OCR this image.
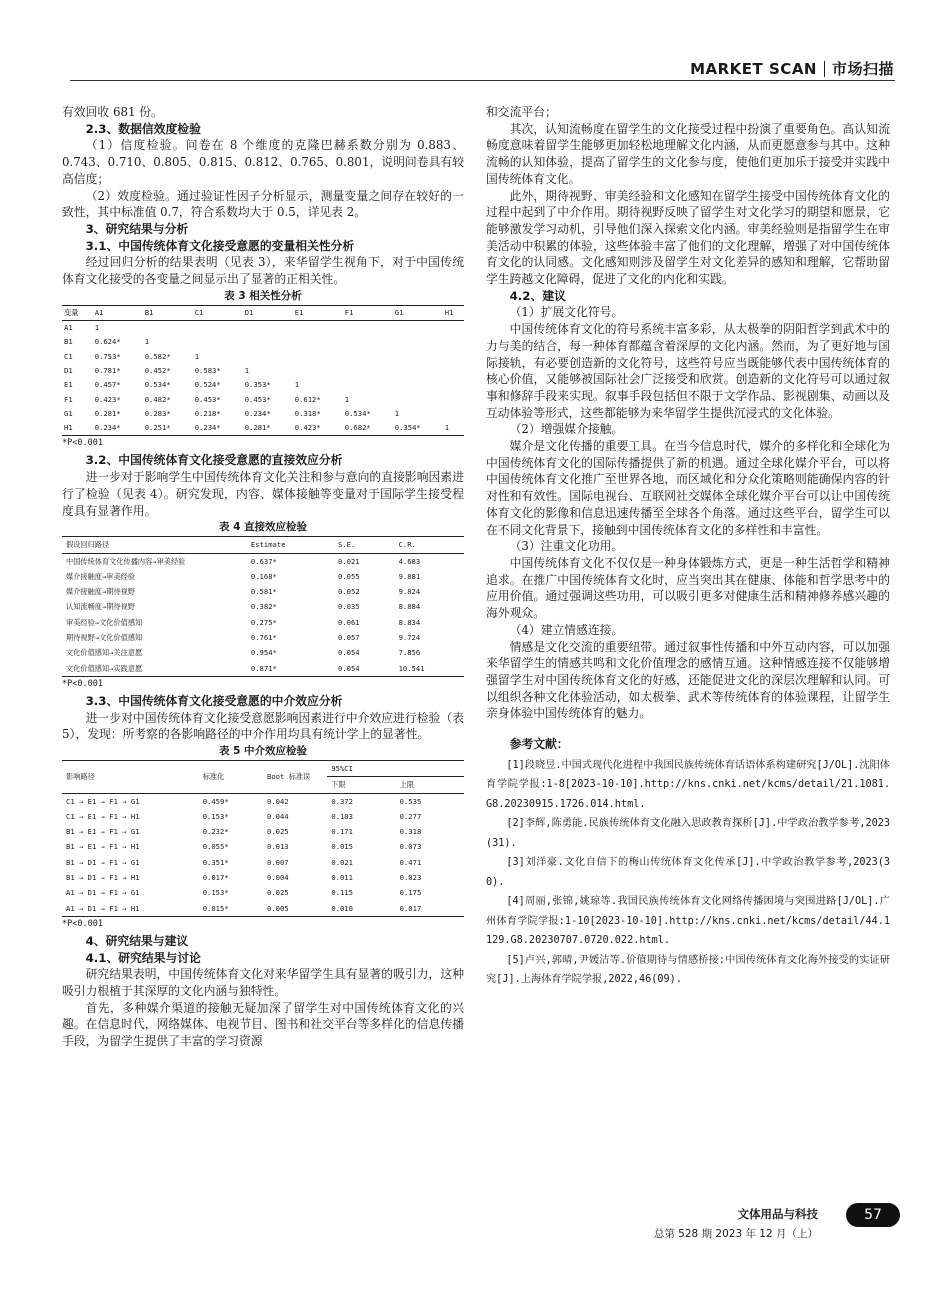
MARKET SCAN 市场扫描

有效回收 681 份。

2.3、数据信效度检验

（1）信度检验。问卷在 8 个维度的克隆巴赫系数分别为 0.883、0.743、0.710、0.805、0.815、0.812、0.765、0.801，说明问卷具有较高信度；

（2）效度检验。通过验证性因子分析显示，测量变量之间存在较好的一致性，其中标准值 0.7，符合系数均大于 0.5，详见表 2。

3、研究结果与分析

3.1、中国传统体育文化接受意愿的变量相关性分析

经过回归分析的结果表明（见表 3），来华留学生视角下，对于中国传统体育文化接受的各变量之间显示出了显著的正相关性。

表 3 相关性分析
变量	A1	B1	C1	D1	E1	F1	G1	H1
A1	1							
B1	0.624*	1						
C1	0.753*	0.582*	1					
D1	0.781*	0.452*	0.583*	1				
E1	0.457*	0.534*	0.524*	0.353*	1			
F1	0.423*	0.482*	0.453*	0.453*	0.612*	1		
G1	0.281*	0.283*	0.218*	0.234*	0.318*	0.534*	1	
H1	0.234*	0.251*	0.234*	0.281*	0.423*	0.682*	0.354*	1
*P<0.001

3.2、中国传统体育文化接受意愿的直接效应分析

进一步对于影响学生中国传统体育文化关注和参与意向的直接影响因素进行了检验（见表 4）。研究发现，内容、媒体接触等变量对于国际学生接受程度具有显著作用。

表 4 直接效应检验
假设回归路径	Estimate	S.E.	C.R.
中国传统体育文化传播内容→审美经验	0.637*	0.021	4.683
媒介接触度→审美经验	0.168*	0.055	9.881
媒介接触度→期待视野	0.581*	0.052	9.824
认知流畅度→期待视野	0.382*	0.035	8.884
审美经验→文化价值感知	0.275*	0.061	8.834
期待视野→文化价值感知	0.761*	0.057	9.724
文化价值感知→关注意愿	0.954*	0.054	7.856
文化价值感知→实践意愿	0.871*	0.054	10.541
*P<0.001

3.3、中国传统体育文化接受意愿的中介效应分析

进一步对中国传统体育文化接受意愿影响因素进行中介效应进行检验（表 5），发现：所考察的各影响路径的中介作用均具有统计学上的显著性。

表 5 中介效应检验
影响路径	标准化	Boot 标准误	95%CI	
			下限	上限
C1 → E1 → F1 → G1	0.459*	0.042	0.372	0.535
C1 → E1 → F1 → H1	0.153*	0.044	0.103	0.277
B1 → E1 → F1 → G1	0.232*	0.025	0.171	0.318
B1 → E1 → F1 → H1	0.055*	0.013	0.015	0.073
B1 → D1 → F1 → G1	0.351*	0.007	0.021	0.471
B1 → D1 → F1 → H1	0.017*	0.004	0.011	0.023
A1 → D1 → F1 → G1	0.153*	0.025	0.115	0.175
A1 → D1 → F1 → H1	0.015*	0.005	0.010	0.017
*P<0.001

4、研究结果与建议

4.1、研究结果与讨论

研究结果表明，中国传统体育文化对来华留学生具有显著的吸引力，这种吸引力根植于其深厚的文化内涵与独特性。

首先，多种媒介渠道的接触无疑加深了留学生对中国传统体育文化的兴趣。在信息时代，网络媒体、电视节目、图书和社交平台等多样化的信息传播手段，为留学生提供了丰富的学习资源

和交流平台；

其次，认知流畅度在留学生的文化接受过程中扮演了重要角色。高认知流畅度意味着留学生能够更加轻松地理解文化内涵，从而更愿意参与其中。这种流畅的认知体验，提高了留学生的文化参与度，使他们更加乐于接受并实践中国传统体育文化。

此外，期待视野、审美经验和文化感知在留学生接受中国传统体育文化的过程中起到了中介作用。期待视野反映了留学生对文化学习的期望和愿景，它能够激发学习动机，引导他们深入探索文化内涵。审美经验则是指留学生在审美活动中积累的体验，这些体验丰富了他们的文化理解，增强了对中国传统体育文化的认同感。文化感知则涉及留学生对文化差异的感知和理解，它帮助留学生跨越文化障碍，促进了文化的内化和实践。

4.2、建议

（1）扩展文化符号。

中国传统体育文化的符号系统丰富多彩，从太极拳的阴阳哲学到武术中的力与美的结合，每一种体育都蕴含着深厚的文化内涵。然而，为了更好地与国际接轨，有必要创造新的文化符号，这些符号应当既能够代表中国传统体育的核心价值，又能够被国际社会广泛接受和欣赏。创造新的文化符号可以通过叙事和修辞手段来实现。叙事手段包括但不限于文学作品、影视剧集、动画以及互动体验等形式，这些都能够为来华留学生提供沉浸式的文化体验。

（2）增强媒介接触。

媒介是文化传播的重要工具。在当今信息时代，媒介的多样化和全球化为中国传统体育文化的国际传播提供了新的机遇。通过全球化媒介平台，可以将中国传统体育文化推广至世界各地，而区域化和分众化策略则能确保内容的针对性和有效性。国际电视台、互联网社交媒体全球化媒介平台可以让中国传统体育文化的影像和信息迅速传播至全球各个角落。通过这些平台，留学生可以在不同文化背景下，接触到中国传统体育文化的多样性和丰富性。

（3）注重文化功用。

中国传统体育文化不仅仅是一种身体锻炼方式，更是一种生活哲学和精神追求。在推广中国传统体育文化时，应当突出其在健康、体能和哲学思考中的应用价值。通过强调这些功用，可以吸引更多对健康生活和精神修养感兴趣的海外观众。

（4）建立情感连接。

情感是文化交流的重要纽带。通过叙事性传播和中外互动内容，可以加强来华留学生的情感共鸣和文化价值理念的感情互通。这种情感连接不仅能够增强留学生对中国传统体育文化的好感，还能促进文化的深层次理解和认同。可以组织各种文化体验活动，如太极拳、武术等传统体育的体验课程，让留学生亲身体验中国传统体育的魅力。

参考文献：

[1]段晓昱.中国式现代化进程中我国民族传统体育话语体系构建研究[J/OL].沈阳体育学院学报:1-8[2023-10-10].http://kns.cnki.net/kcms/detail/21.1081.G8.20230915.1726.014.html.

[2]李辉,陈勇能.民族传统体育文化融入思政教育探析[J].中学政治教学参考,2023(31).

[3]刘洋豪.文化自信下的梅山传统体育文化传承[J].中学政治教学参考,2023(30).

[4]周丽,张锦,姚琼等.我国民族传统体育文化网络传播困境与突围进路[J/OL].广州体育学院学报:1-10[2023-10-10].http://kns.cnki.net/kcms/detail/44.1129.G8.20230707.0720.022.html.

[5]卢兴,郭晴,尹媛洁等.价值期待与情感桥接:中国传统体育文化海外接受的实证研究[J].上海体育学院学报,2022,46(09).

文体用品与科技
总第 528 期 2023 年 12 月（上）
57
